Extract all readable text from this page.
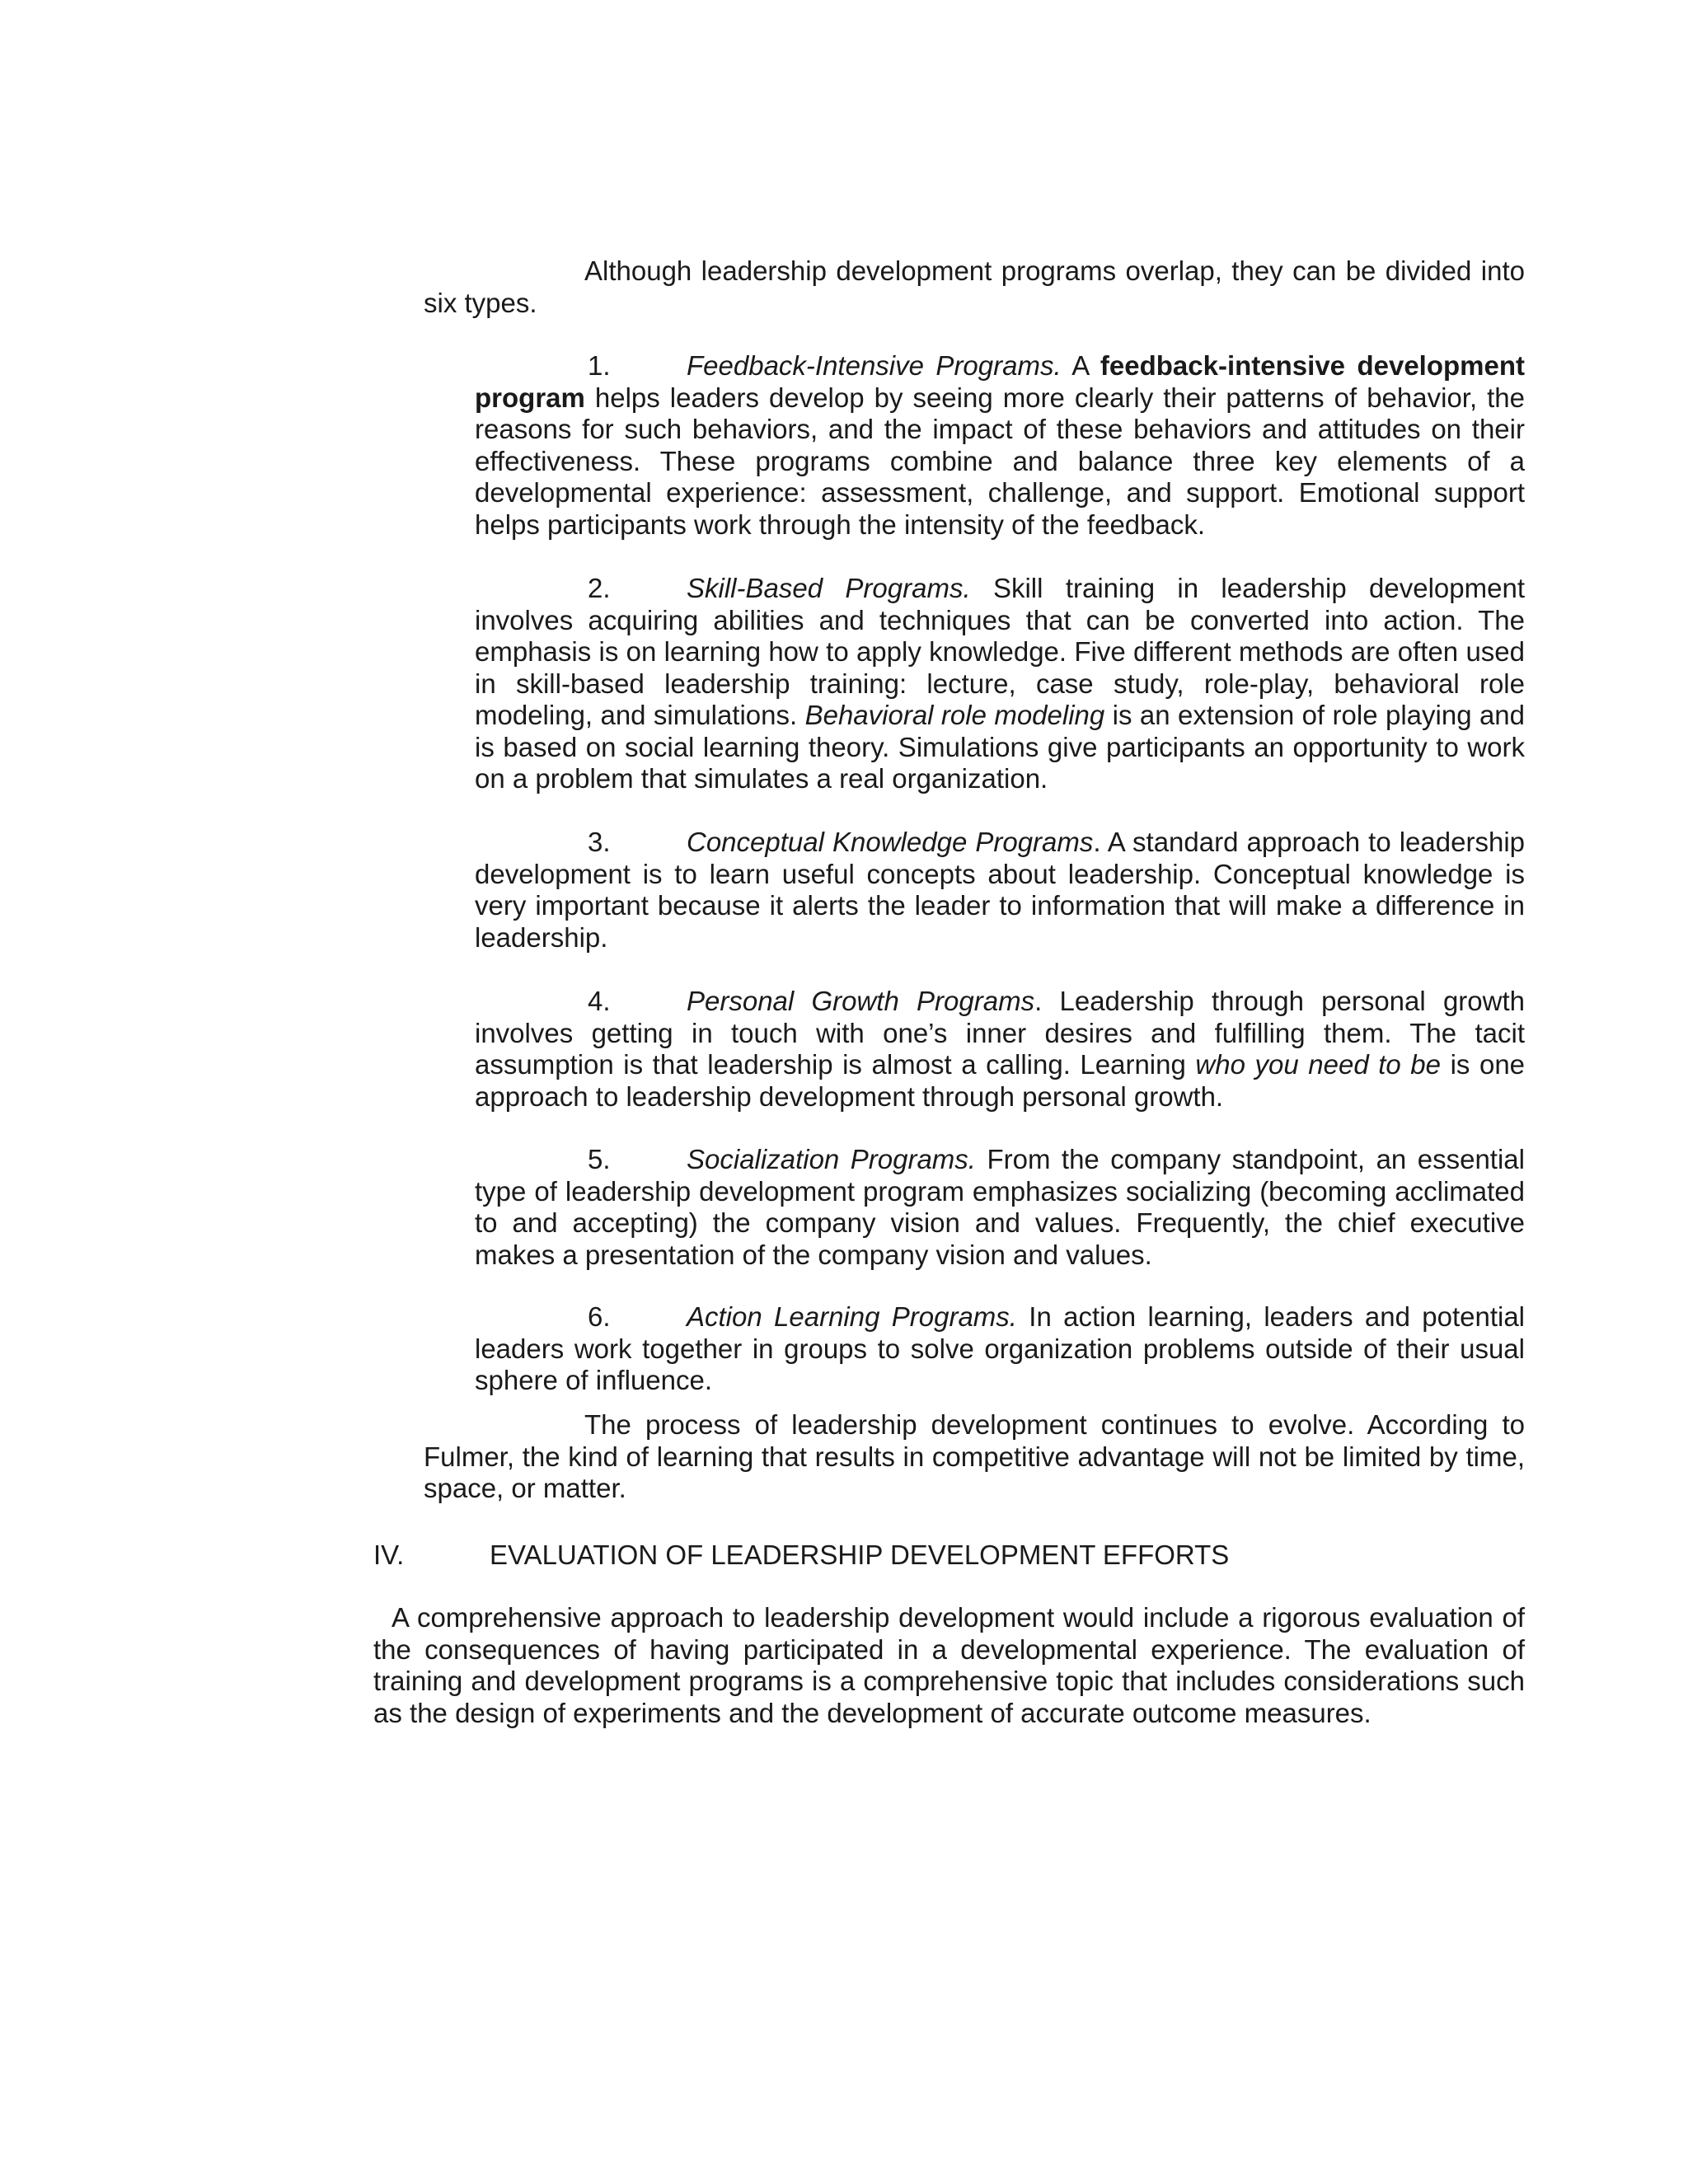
Although leadership development programs overlap, they can be divided into six types.

1.	Feedback-Intensive Programs. A feedback-intensive development program helps leaders develop by seeing more clearly their patterns of behavior, the reasons for such behaviors, and the impact of these behaviors and attitudes on their effectiveness. These programs combine and balance three key elements of a developmental experience: assessment, challenge, and support. Emotional support helps participants work through the intensity of the feedback.

2.	Skill-Based Programs. Skill training in leadership development involves acquiring abilities and techniques that can be converted into action. The emphasis is on learning how to apply knowledge. Five different methods are often used in skill-based leadership training: lecture, case study, role-play, behavioral role modeling, and simulations. Behavioral role modeling is an extension of role playing and is based on social learning theory. Simulations give participants an opportunity to work on a problem that simulates a real organization.

3.	Conceptual Knowledge Programs. A standard approach to leadership development is to learn useful concepts about leadership. Conceptual knowledge is very important because it alerts the leader to information that will make a difference in leadership.

4.	Personal Growth Programs. Leadership through personal growth involves getting in touch with one’s inner desires and fulfilling them. The tacit assumption is that leadership is almost a calling. Learning who you need to be is one approach to leadership development through personal growth.

5.	Socialization Programs. From the company standpoint, an essential type of leadership development program emphasizes socializing (becoming acclimated to and accepting) the company vision and values. Frequently, the chief executive makes a presentation of the company vision and values.

6.	Action Learning Programs. In action learning, leaders and potential leaders work together in groups to solve organization problems outside of their usual sphere of influence.

The process of leadership development continues to evolve. According to Fulmer, the kind of learning that results in competitive advantage will not be limited by time, space, or matter.

IV.	EVALUATION OF LEADERSHIP DEVELOPMENT EFFORTS

A comprehensive approach to leadership development would include a rigorous evaluation of the consequences of having participated in a developmental experience. The evaluation of training and development programs is a comprehensive topic that includes considerations such as the design of experiments and the development of accurate outcome measures.
